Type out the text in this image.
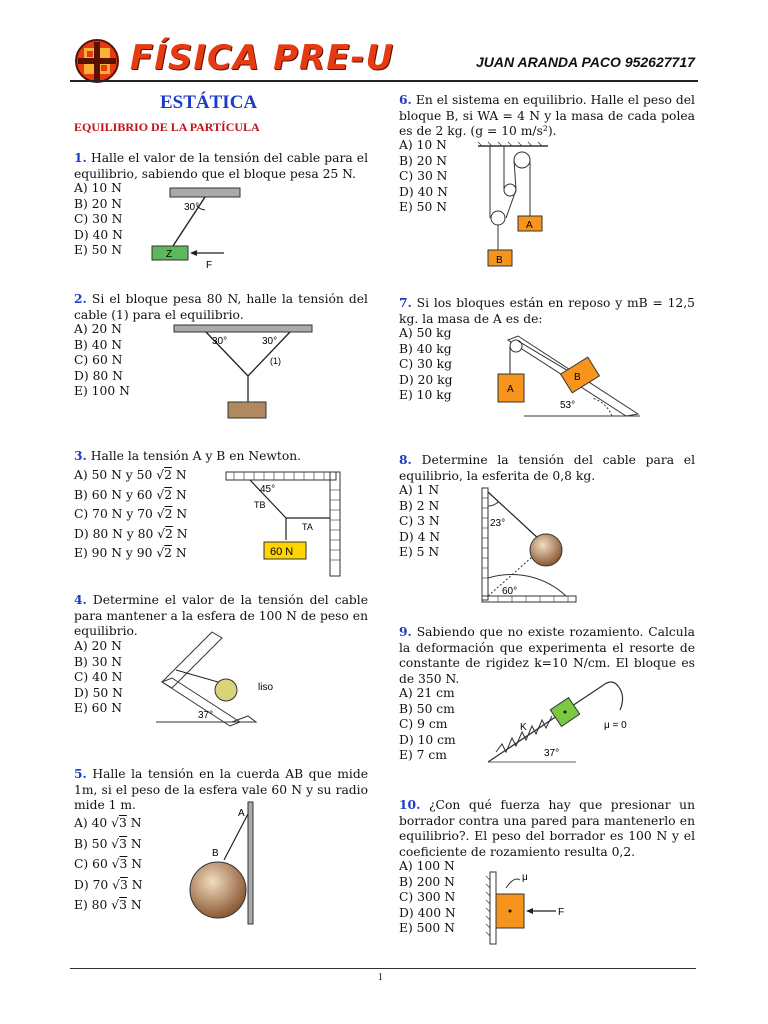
FÍSICA PRE-U	JUAN ARANDA PACO 952627717
ESTÁTICA
EQUILIBRIO DE LA PARTÍCULA
1. Halle el valor de la tensión del cable para el equilibrio, sabiendo que el bloque pesa 25 N.
A) 10 N
B) 20 N
C) 30 N
D) 40 N
E) 50 N
30°
Z
F
2. Si el bloque pesa 80 N, halle la tensión del cable (1) para el equilibrio.
A) 20 N
B) 40 N
C) 60 N
D) 80 N
E) 100 N
30°	30°
(1)
3. Halle la tensión A y B en Newton.
A) 50 N y 50 √2 N
B) 60 N y 60 √2 N
C) 70 N y 70 √2 N
D) 80 N y 80 √2 N
E) 90 N y 90 √2 N
45°
TB
TA
60 N
4. Determine el valor de la tensión del cable para mantener a la esfera de 100 N de peso en equilibrio.
A) 20 N
B) 30 N
C) 40 N
D) 50 N
E) 60 N
liso
37°
5. Halle la tensión en la cuerda AB que mide 1m, si el peso de la esfera vale 60 N y su radio mide 1 m.
A) 40 √3 N
B) 50 √3 N
C) 60 √3 N
D) 70 √3 N
E) 80 √3 N
A
B
6. En el sistema en equilibrio. Halle el peso del bloque B, si WA = 4 N y la masa de cada polea es de 2 kg. (g = 10 m/s²).
A) 10 N
B) 20 N
C) 30 N
D) 40 N
E) 50 N
A
B
7. Si los bloques están en reposo y mB = 12,5 kg. la masa de A es de:
A) 50 kg
B) 40 kg
C) 30 kg
D) 20 kg
E) 10 kg	A
B
53°
8. Determine la tensión del cable para el equilibrio, la esferita de 0,8 kg.
A) 1 N
B) 2 N
C) 3 N
D) 4 N
E) 5 N
23°
60°
9. Sabiendo que no existe rozamiento. Calcula la deformación que experimenta el resorte de constante de rigidez k=10 N/cm. El bloque es de 350 N.
A) 21 cm
B) 50 cm
C) 9 cm
D) 10 cm
E) 7 cm
K	μ = 0
37°
10. ¿Con qué fuerza hay que presionar un borrador contra una pared para mantenerlo en equilibrio?. El peso del borrador es 100 N y el coeficiente de rozamiento resulta 0,2.
A) 100 N
B) 200 N
C) 300 N
D) 400 N
E) 500 N
μ
F
1
